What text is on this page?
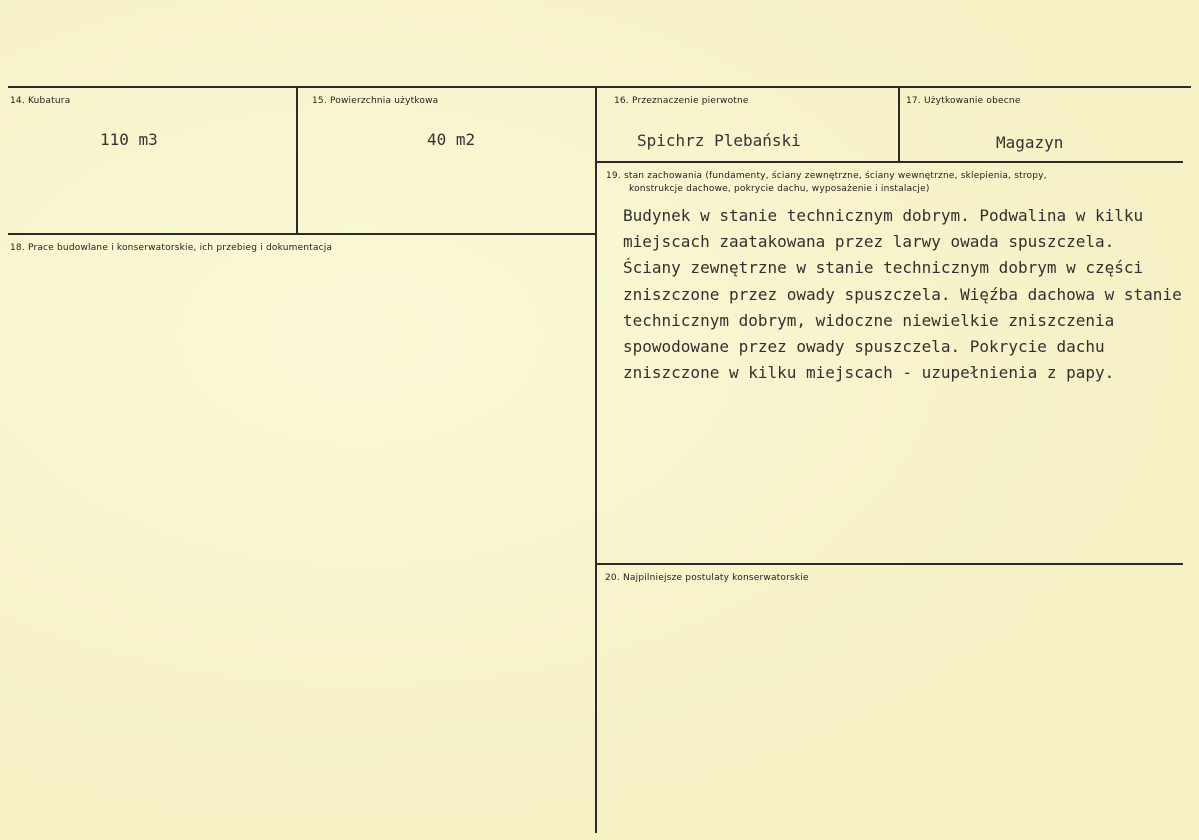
14. Kubatura
110 m3
15. Powierzchnia użytkowa
40 m2
16. Przeznaczenie pierwotne
Spichrz Plebański
17. Użytkowanie obecne
Magazyn
18. Prace budowlane i konserwatorskie, ich przebieg i dokumentacja
19. stan zachowania (fundamenty, ściany zewnętrzne, ściany wewnętrzne, sklepienia, stropy,
konstrukcje dachowe, pokrycie dachu, wyposażenie i instalacje)
Budynek w stanie technicznym dobrym. Podwalina w kilku
miejscach zaatakowana przez larwy owada spuszczela.
Ściany zewnętrzne w stanie technicznym dobrym w części
zniszczone przez owady spuszczela. Więźba dachowa w stanie
technicznym dobrym, widoczne niewielkie zniszczenia
spowodowane przez owady spuszczela. Pokrycie dachu
zniszczone w kilku miejscach - uzupełnienia z papy.
20. Najpilniejsze postulaty konserwatorskie
